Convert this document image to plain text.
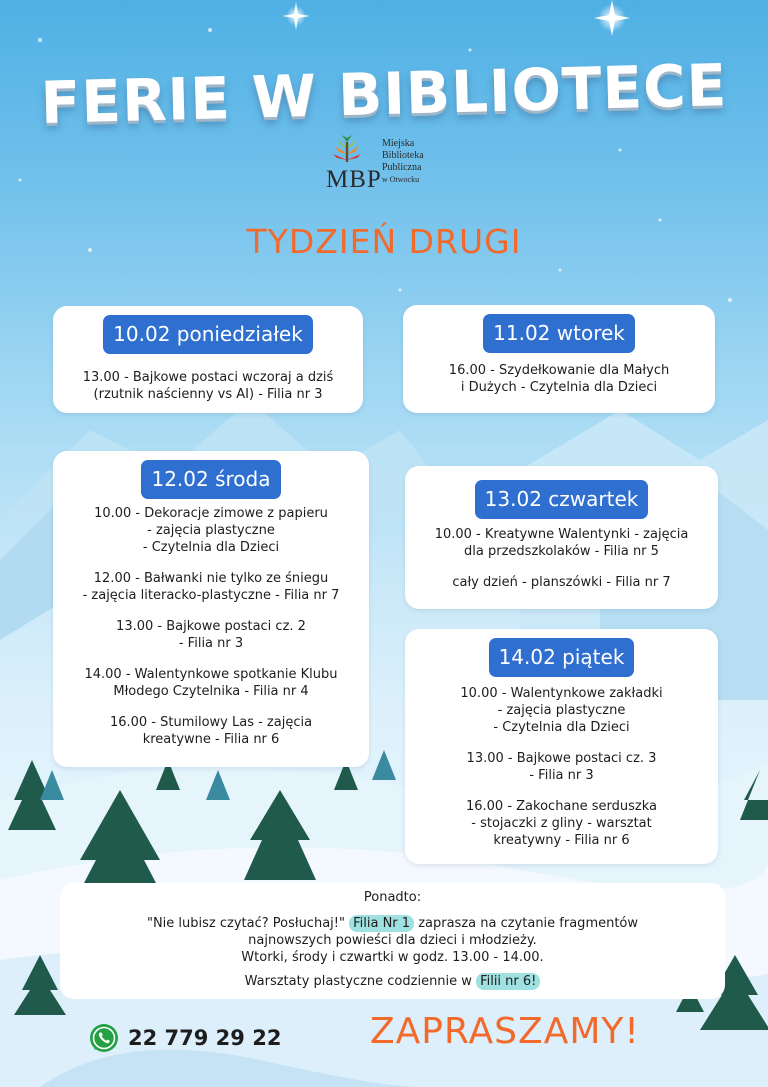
FERIE W BIBLIOTECE
MBP
Miejska
Biblioteka
Publiczna
w Otwocku
TYDZIEŃ DRUGI
10.02 poniedziałek
13.00 - Bajkowe postaci wczoraj a dziś
(rzutnik naścienny vs AI) - Filia nr 3
11.02 wtorek
16.00 - Szydełkowanie dla Małych
i Dużych - Czytelnia dla Dzieci
12.02 środa
10.00 - Dekoracje zimowe z papieru
- zajęcia plastyczne
- Czytelnia dla Dzieci
12.00 - Bałwanki nie tylko ze śniegu
- zajęcia literacko-plastyczne - Filia nr 7
13.00 - Bajkowe postaci cz. 2
- Filia nr 3
14.00 - Walentynkowe spotkanie Klubu
Młodego Czytelnika - Filia nr 4
16.00 - Stumilowy Las - zajęcia
kreatywne - Filia nr 6
13.02 czwartek
10.00 - Kreatywne Walentynki - zajęcia
dla przedszkolaków - Filia nr 5
cały dzień - planszówki - Filia nr 7
14.02 piątek
10.00 - Walentynkowe zakładki
- zajęcia plastyczne
- Czytelnia dla Dzieci
13.00 - Bajkowe postaci cz. 3
- Filia nr 3
16.00 - Zakochane serduszka
- stojaczki z gliny - warsztat
kreatywny - Filia nr 6
Ponadto:
"Nie lubisz czytać? Posłuchaj!" Filia Nr 1 zaprasza na czytanie fragmentów
najnowszych powieści dla dzieci i młodzieży.
Wtorki, środy i czwartki w godz. 13.00 - 14.00.
Warsztaty plastyczne codziennie w Filii nr 6!
22 779 29 22 ZAPRASZAMY!
